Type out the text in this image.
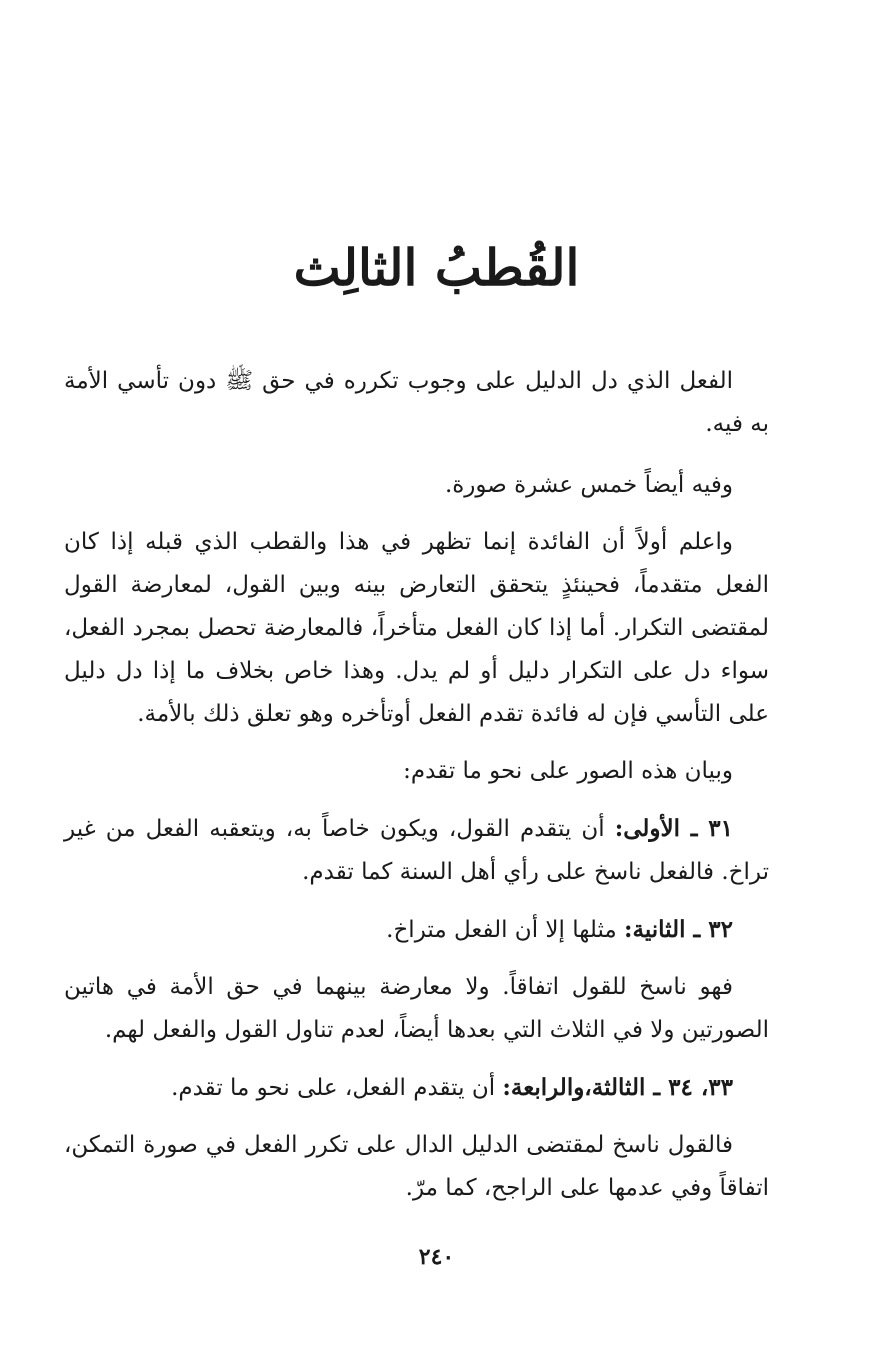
القُطبُ الثالِث

الفعل الذي دل الدليل على وجوب تكرره في حق ﷺ دون تأسي الأمة به فيه.

وفيه أيضاً خمس عشرة صورة.

واعلم أولاً أن الفائدة إنما تظهر في هذا والقطب الذي قبله إذا كان الفعل متقدماً، فحينئذٍ يتحقق التعارض بينه وبين القول، لمعارضة القول لمقتضى التكرار. أما إذا كان الفعل متأخراً، فالمعارضة تحصل بمجرد الفعل، سواء دل على التكرار دليل أو لم يدل. وهذا خاص بخلاف ما إذا دل دليل على التأسي فإن له فائدة تقدم الفعل أوتأخره وهو تعلق ذلك بالأمة.

وبيان هذه الصور على نحو ما تقدم:

٣١ ـ الأولى: أن يتقدم القول، ويكون خاصاً به، ويتعقبه الفعل من غير تراخ. فالفعل ناسخ على رأي أهل السنة كما تقدم.

٣٢ ـ الثانية: مثلها إلا أن الفعل متراخ.

فهو ناسخ للقول اتفاقاً. ولا معارضة بينهما في حق الأمة في هاتين الصورتين ولا في الثلاث التي بعدها أيضاً، لعدم تناول القول والفعل لهم.

٣٣، ٣٤ ـ الثالثة،والرابعة: أن يتقدم الفعل، على نحو ما تقدم.

فالقول ناسخ لمقتضى الدليل الدال على تكرر الفعل في صورة التمكن، اتفاقاً وفي عدمها على الراجح، كما مرّ.

٢٤٠
